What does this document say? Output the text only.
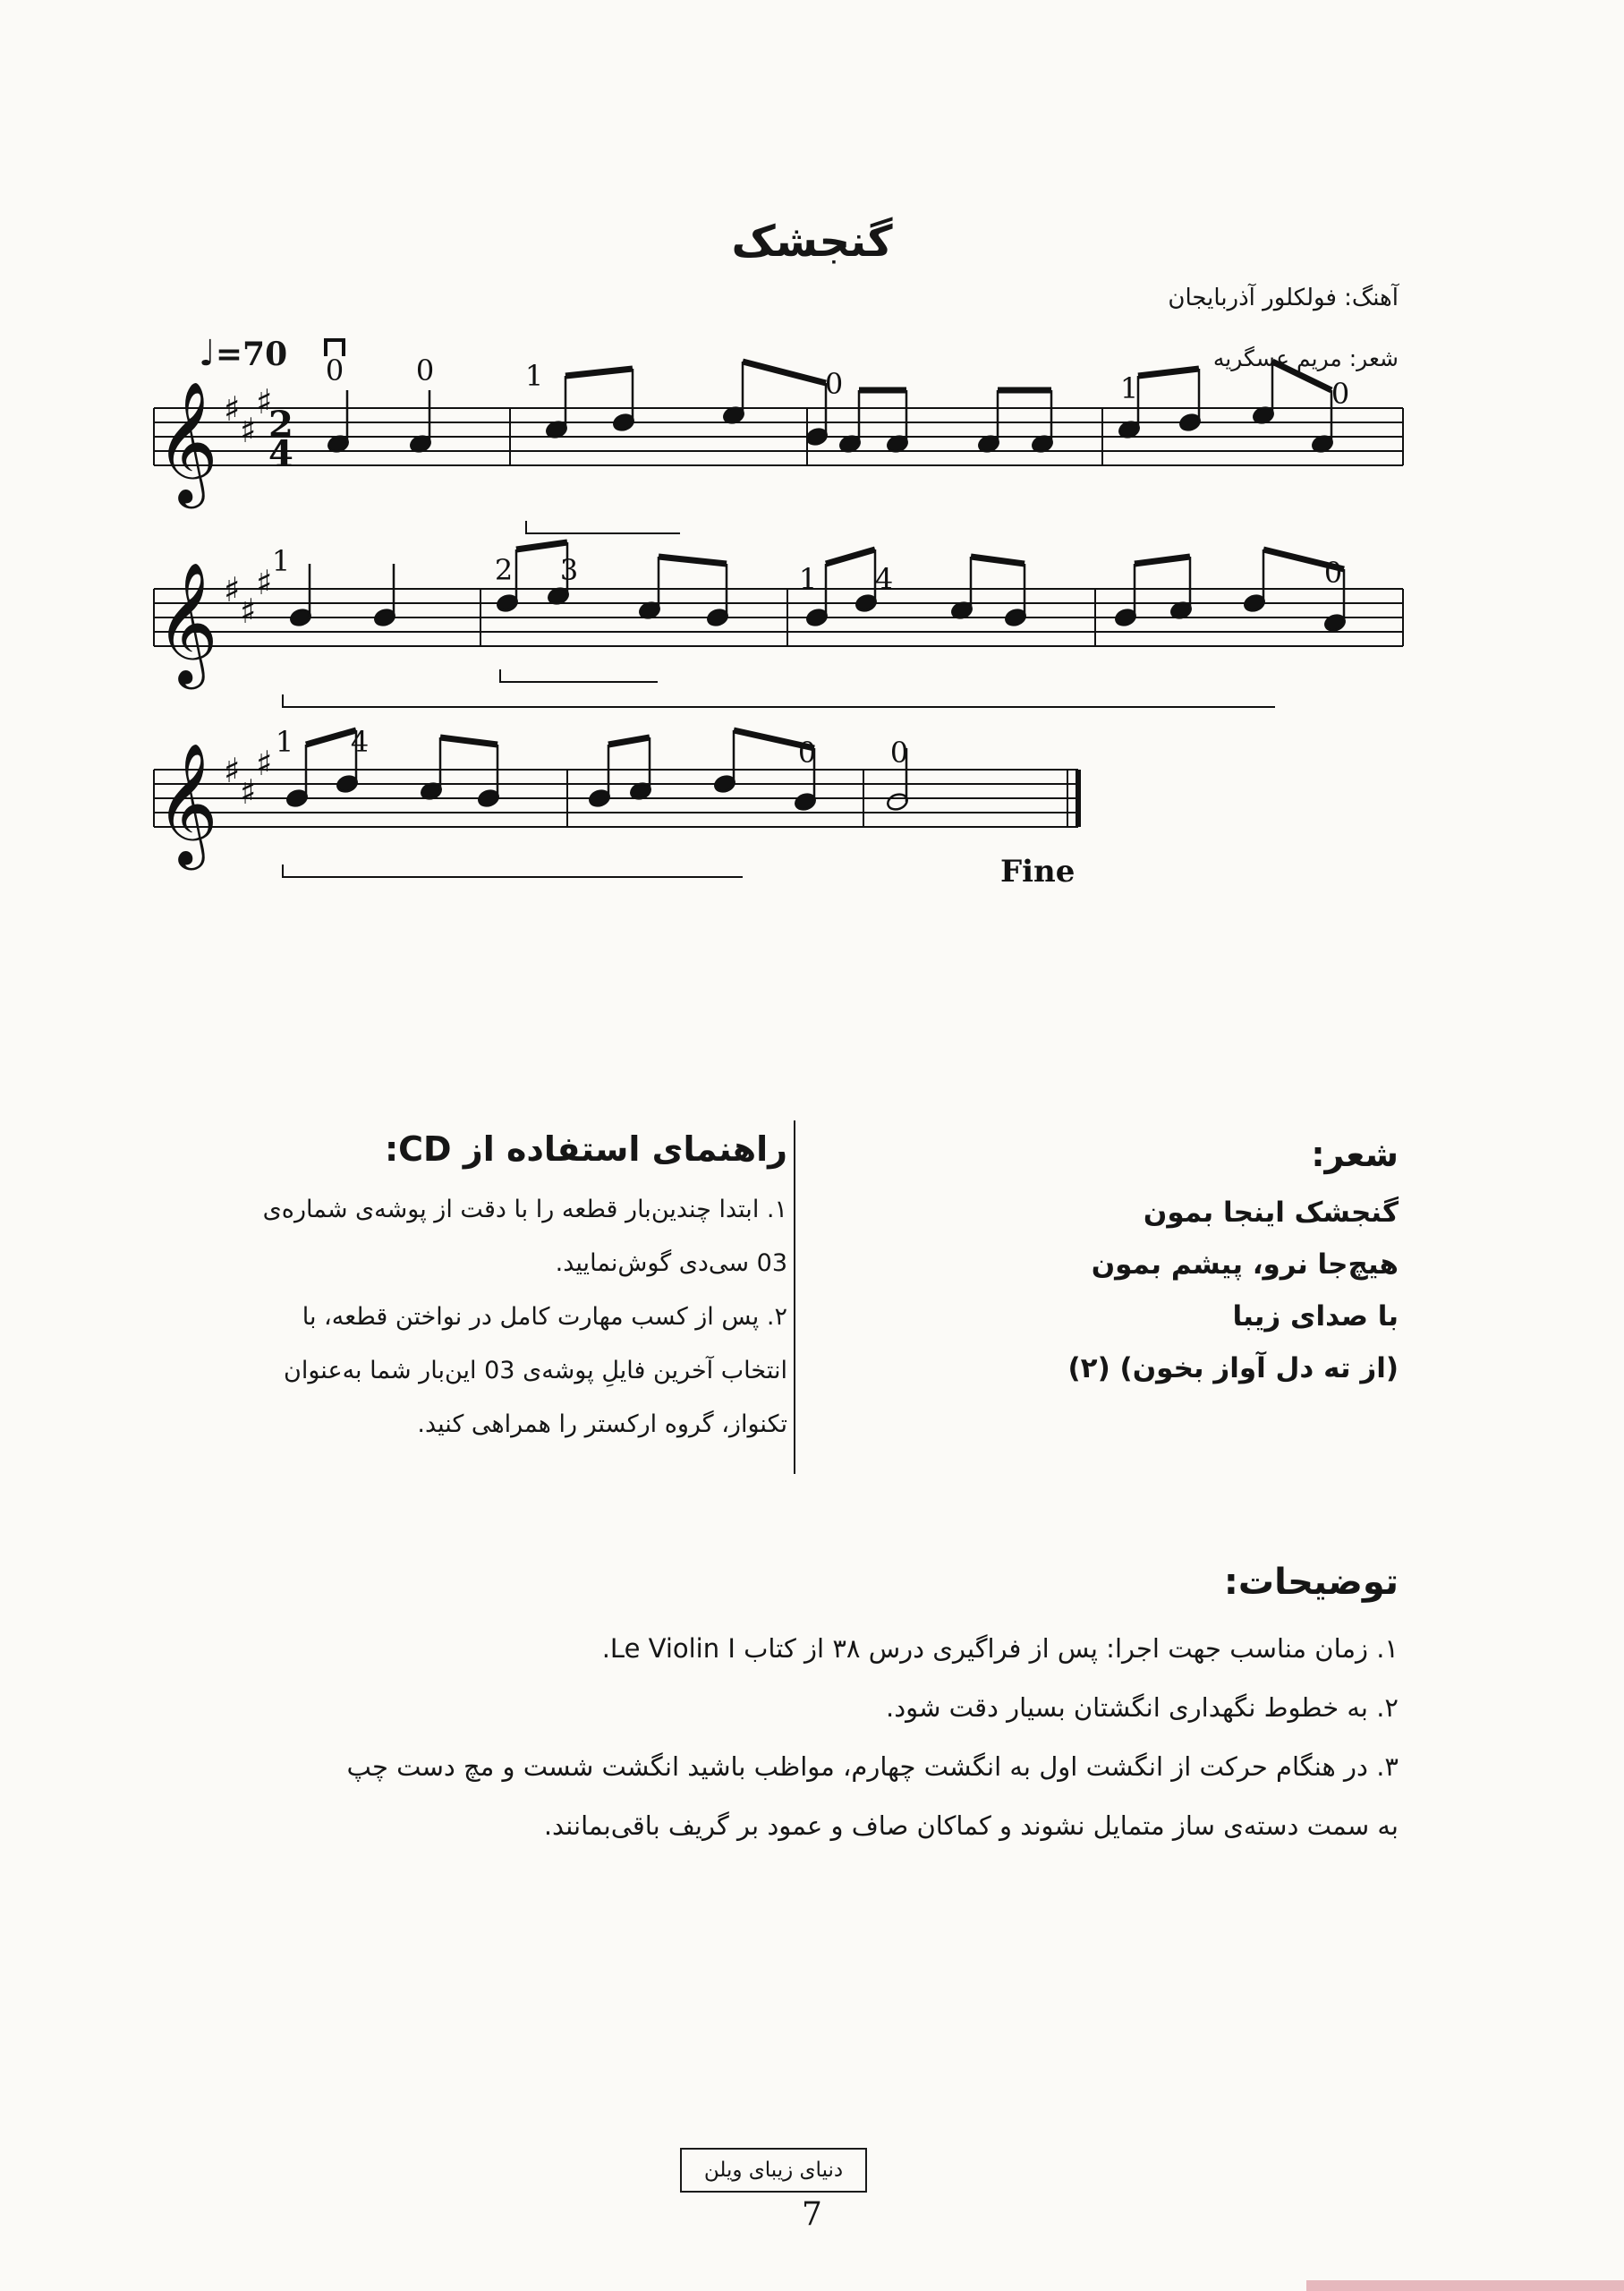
گنجشک
آهنگ: فولکلور آذربایجان
شعر: مریم عسگریه
♩=70
𝄞 ♯
♯
♯
𝄞 ♯
♯
♯
𝄞 ♯
♯
♯
2
4
0	0	1	0	1	0
1	2 3	1 4	0
1 4	0	0
Fine
شعر:
گنجشک اینجا بمون
هیچ‌جا نرو، پیشم بمون
با صدای زیبا
(از ته دل آواز بخون) (۲)
راهنمای استفاده از CD:
۱. ابتدا چندین‌بار قطعه را با دقت از پوشه‌ی شماره‌ی
03 سی‌دی گوش‌نمایید.
۲. پس از کسب مهارت کامل در نواختن قطعه، با
انتخاب آخرین فایلِ پوشه‌ی 03 این‌بار شما به‌عنوان
تکنواز، گروه ارکستر را همراهی کنید.
توضیحات:
۱. زمان مناسب جهت اجرا: پس از فراگیری درس ۳۸ از کتاب Le Violin I.
۲. به خطوط نگهداری انگشتان بسیار دقت شود.
۳. در هنگام حرکت از انگشت اول به انگشت چهارم، مواظب باشید انگشت شست و مچ دست چپ
به سمت دسته‌ی ساز متمایل نشوند و کماکان صاف و عمود بر گریف باقی‌بمانند.
دنیای زیبای ویلن
7
